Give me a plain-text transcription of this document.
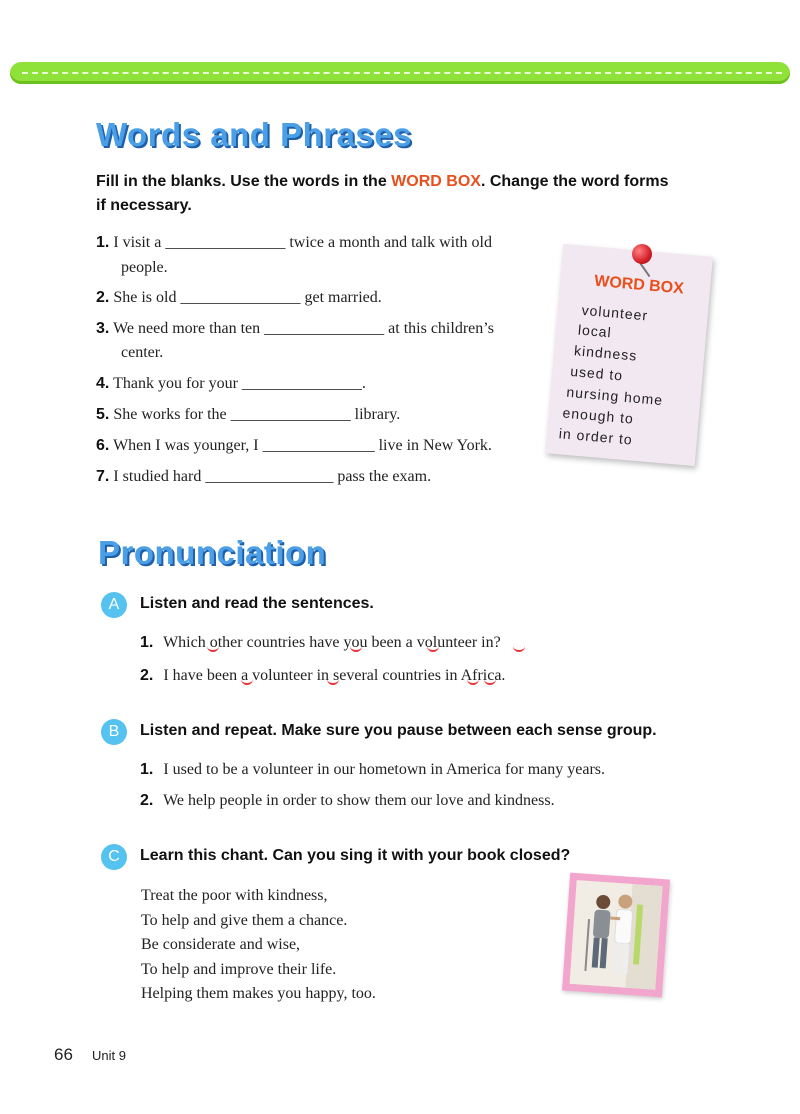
Words and Phrases
Fill in the blanks. Use the words in the WORD BOX. Change the word forms
if necessary.
1. I visit a _______________ twice a month and talk with old
people.
2. She is old _______________ get married.
3. We need more than ten _______________ at this children’s
center.
4. Thank you for your _______________.
5. She works for the _______________ library.
6. When I was younger, I ______________ live in New York.
7. I studied hard ________________ pass the exam.
WORD BOX
volunteer
local
kindness
used to
nursing home
enough to
in order to
Pronunciation
A	Listen and read the sentences.
1. Which other countries have you been a volunteer in?
2. I have been a volunteer in several countries in Africa.
B	Listen and repeat. Make sure you pause between each sense group.
1. I used to be a volunteer in our hometown in America for many years.
2. We help people in order to show them our love and kindness.
C	Learn this chant. Can you sing it with your book closed?
Treat the poor with kindness,
To help and give them a chance.
Be considerate and wise,
To help and improve their life.
Helping them makes you happy, too.
66 Unit 9
